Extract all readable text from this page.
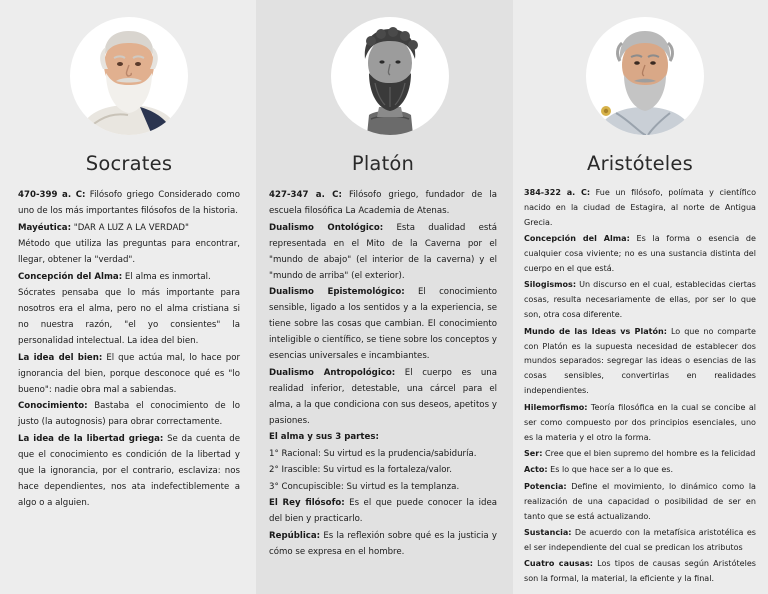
Socrates

470-399 a. C: Filósofo griego Considerado como uno de los más importantes filósofos de la historia.

Mayéutica: "DAR A LUZ A LA VERDAD"

Método que utiliza las preguntas para encontrar, llegar, obtener la "verdad".

Concepción del Alma: El alma es inmortal.

Sócrates pensaba que lo más importante para nosotros era el alma, pero no el alma cristiana si no nuestra razón, "el yo consientes" la personalidad intelectual. La idea del bien.

La idea del bien: El que actúa mal, lo hace por ignorancia del bien, porque desconoce qué es "lo bueno": nadie obra mal a sabiendas.

Conocimiento: Bastaba el conocimiento de lo justo (la autognosis) para obrar correctamente.

La idea de la libertad griega: Se da cuenta de que el conocimiento es condición de la libertad y que la ignorancia, por el contrario, esclaviza: nos hace dependientes, nos ata indefectiblemente a algo o a alguien.

Platón

427-347 a. C: Filósofo griego, fundador de la escuela filosófica La Academia de Atenas.

Dualismo Ontológico: Esta dualidad está representada en el Mito de la Caverna por el "mundo de abajo" (el interior de la caverna) y el "mundo de arriba" (el exterior).

Dualismo Epistemológico: El conocimiento sensible, ligado a los sentidos y a la experiencia, se tiene sobre las cosas que cambian. El conocimiento inteligible o científico, se tiene sobre los conceptos y esencias universales e incambiantes.

Dualismo Antropológico: El cuerpo es una realidad inferior, detestable, una cárcel para el alma, a la que condiciona con sus deseos, apetitos y pasiones.

El alma y sus 3 partes:

1° Racional: Su virtud es la prudencia/sabiduría.

2° Irascible: Su virtud es la fortaleza/valor.

3° Concupiscible: Su virtud es la templanza.

El Rey filósofo: Es el que puede conocer la idea del bien y practicarlo.

República: Es la reflexión sobre qué es la justicia y cómo se expresa en el hombre.

Aristóteles

384-322 a. C: Fue un filósofo, polímata y científico nacido en la ciudad de Estagira, al norte de Antigua Grecia.

Concepción del Alma: Es la forma o esencia de cualquier cosa viviente; no es una sustancia distinta del cuerpo en el que está.

Silogismos: Un discurso en el cual, establecidas ciertas cosas, resulta necesariamente de ellas, por ser lo que son, otra cosa diferente.

Mundo de las Ideas vs Platón: Lo que no comparte con Platón es la supuesta necesidad de establecer dos mundos separados: segregar las ideas o esencias de las cosas sensibles, convertirlas en realidades independientes.

Hilemorfismo: Teoría filosófica en la cual se concibe al ser como compuesto por dos principios esenciales, uno es la materia y el otro la forma.

Ser: Cree que el bien supremo del hombre es la felicidad

Acto: Es lo que hace ser a lo que es.

Potencia: Define el movimiento, lo dinámico como la realización de una capacidad o posibilidad de ser en tanto que se está actualizando.

Sustancia: De acuerdo con la metafísica aristotélica es el ser independiente del cual se predican los atributos

Cuatro causas: Los tipos de causas según Aristóteles son la formal, la material, la eficiente y la final.
